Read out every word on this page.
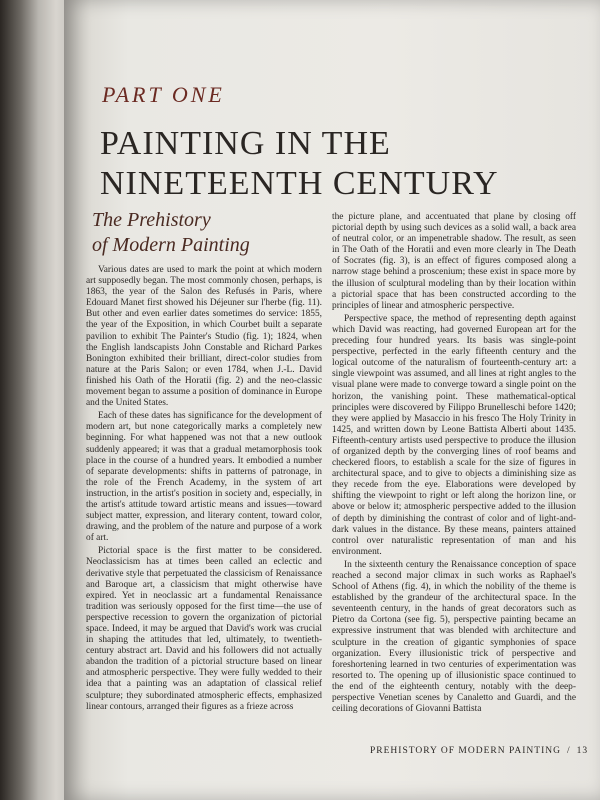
PART ONE
PAINTING IN THE
NINETEENTH CENTURY
The Prehistory
of Modern Painting

Various dates are used to mark the point at which modern art supposedly began. The most commonly chosen, perhaps, is 1863, the year of the Salon des Refusés in Paris, where Edouard Manet first showed his Déjeuner sur l'herbe (fig. 11). But other and even earlier dates sometimes do service: 1855, the year of the Exposition, in which Courbet built a separate pavilion to exhibit The Painter's Studio (fig. 1); 1824, when the English landscapists John Constable and Richard Parkes Bonington exhibited their brilliant, direct-color studies from nature at the Paris Salon; or even 1784, when J.-L. David finished his Oath of the Horatii (fig. 2) and the neo-classic movement began to assume a position of dominance in Europe and the United States.

Each of these dates has significance for the development of modern art, but none categorically marks a completely new beginning. For what happened was not that a new outlook suddenly appeared; it was that a gradual metamorphosis took place in the course of a hundred years. It embodied a number of separate developments: shifts in patterns of patronage, in the role of the French Academy, in the system of art instruction, in the artist's position in society and, especially, in the artist's attitude toward artistic means and issues—toward subject matter, expression, and literary content, toward color, drawing, and the problem of the nature and purpose of a work of art.

Pictorial space is the first matter to be considered. Neoclassicism has at times been called an eclectic and derivative style that perpetuated the classicism of Renaissance and Baroque art, a classicism that might otherwise have expired. Yet in neoclassic art a fundamental Renaissance tradition was seriously opposed for the first time—the use of perspective recession to govern the organization of pictorial space. Indeed, it may be argued that David's work was crucial in shaping the attitudes that led, ultimately, to twentieth-century abstract art. David and his followers did not actually abandon the tradition of a pictorial structure based on linear and atmospheric perspective. They were fully wedded to their idea that a painting was an adaptation of classical relief sculpture; they subordinated atmospheric effects, emphasized linear contours, arranged their figures as a frieze across

the picture plane, and accentuated that plane by closing off pictorial depth by using such devices as a solid wall, a back area of neutral color, or an impenetrable shadow. The result, as seen in The Oath of the Horatii and even more clearly in The Death of Socrates (fig. 3), is an effect of figures composed along a narrow stage behind a proscenium; these exist in space more by the illusion of sculptural modeling than by their location within a pictorial space that has been constructed according to the principles of linear and atmospheric perspective.

Perspective space, the method of representing depth against which David was reacting, had governed European art for the preceding four hundred years. Its basis was single-point perspective, perfected in the early fifteenth century and the logical outcome of the naturalism of fourteenth-century art: a single viewpoint was assumed, and all lines at right angles to the visual plane were made to converge toward a single point on the horizon, the vanishing point. These mathematical-optical principles were discovered by Filippo Brunelleschi before 1420; they were applied by Masaccio in his fresco The Holy Trinity in 1425, and written down by Leone Battista Alberti about 1435. Fifteenth-century artists used perspective to produce the illusion of organized depth by the converging lines of roof beams and checkered floors, to establish a scale for the size of figures in architectural space, and to give to objects a diminishing size as they recede from the eye. Elaborations were developed by shifting the viewpoint to right or left along the horizon line, or above or below it; atmospheric perspective added to the illusion of depth by diminishing the contrast of color and of light-and-dark values in the distance. By these means, painters attained control over naturalistic representation of man and his environment.

In the sixteenth century the Renaissance conception of space reached a second major climax in such works as Raphael's School of Athens (fig. 4), in which the nobility of the theme is established by the grandeur of the architectural space. In the seventeenth century, in the hands of great decorators such as Pietro da Cortona (see fig. 5), perspective painting became an expressive instrument that was blended with architecture and sculpture in the creation of gigantic symphonies of space organization. Every illusionistic trick of perspective and foreshortening learned in two centuries of experimentation was resorted to. The opening up of illusionistic space continued to the end of the eighteenth century, notably with the deep-perspective Venetian scenes by Canaletto and Guardi, and the ceiling decorations of Giovanni Battista

PREHISTORY OF MODERN PAINTING / 13
